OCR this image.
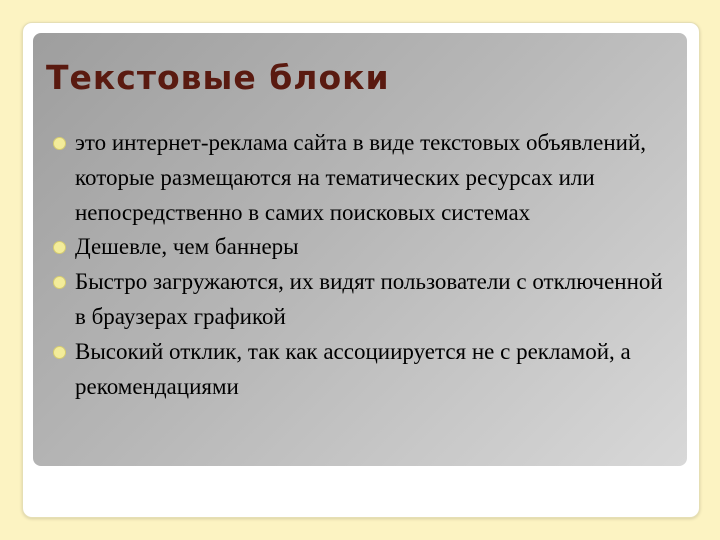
Текстовые блоки
это интернет-реклама сайта в виде текстовых объявлений, которые размещаются на тематических ресурсах или непосредственно в самих поисковых системах
Дешевле, чем баннеры
Быстро загружаются, их видят пользователи с отключенной в браузерах графикой
Высокий отклик, так как ассоциируется не с рекламой, а рекомендациями
